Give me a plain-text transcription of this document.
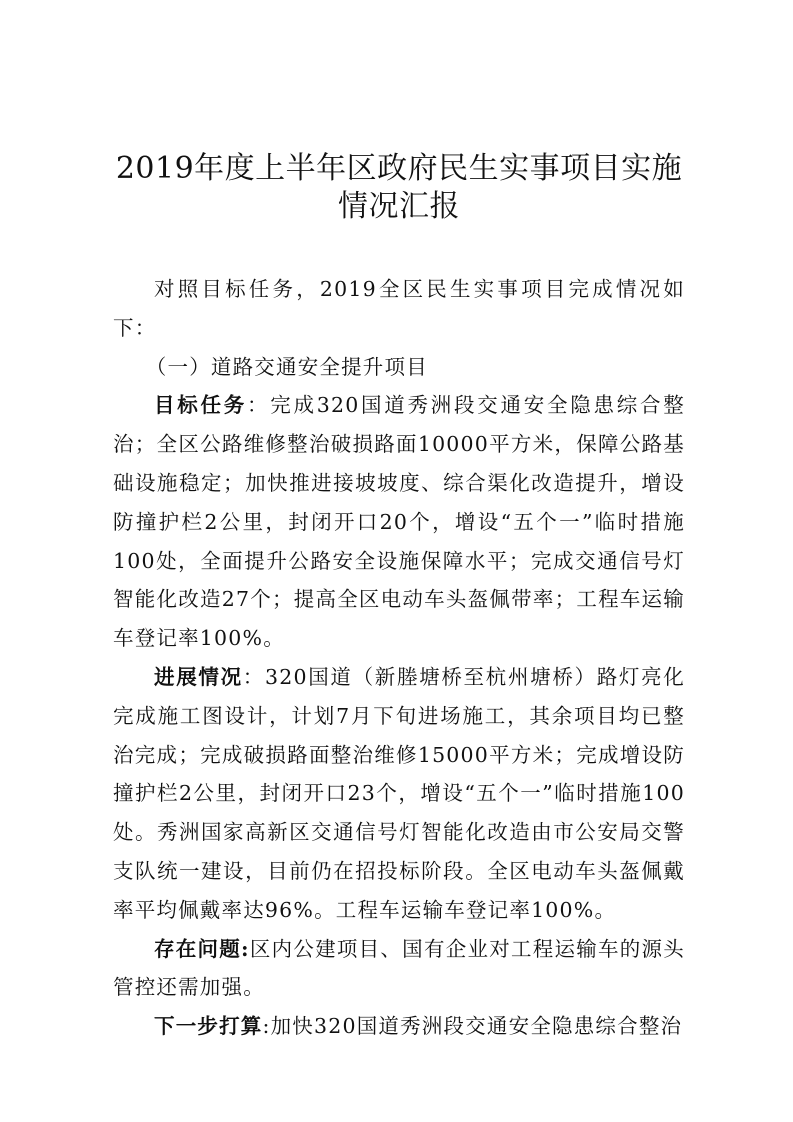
2019年度上半年区政府民生实事项目实施情况汇报

对照目标任务，2019全区民生实事项目完成情况如下：

（一）道路交通安全提升项目

目标任务：完成320国道秀洲段交通安全隐患综合整治；全区公路维修整治破损路面10000平方米，保障公路基础设施稳定；加快推进接坡坡度、综合渠化改造提升，增设防撞护栏2公里，封闭开口20个，增设“五个一”临时措施100处，全面提升公路安全设施保障水平；完成交通信号灯智能化改造27个；提高全区电动车头盔佩带率；工程车运输车登记率100%。

进展情况：320国道（新塍塘桥至杭州塘桥）路灯亮化完成施工图设计，计划7月下旬进场施工，其余项目均已整治完成；完成破损路面整治维修15000平方米；完成增设防撞护栏2公里，封闭开口23个，增设“五个一”临时措施100处。秀洲国家高新区交通信号灯智能化改造由市公安局交警支队统一建设，目前仍在招投标阶段。全区电动车头盔佩戴率平均佩戴率达96%。工程车运输车登记率100%。

存在问题:区内公建项目、国有企业对工程运输车的源头管控还需加强。

下一步打算:加快320国道秀洲段交通安全隐患综合整治
